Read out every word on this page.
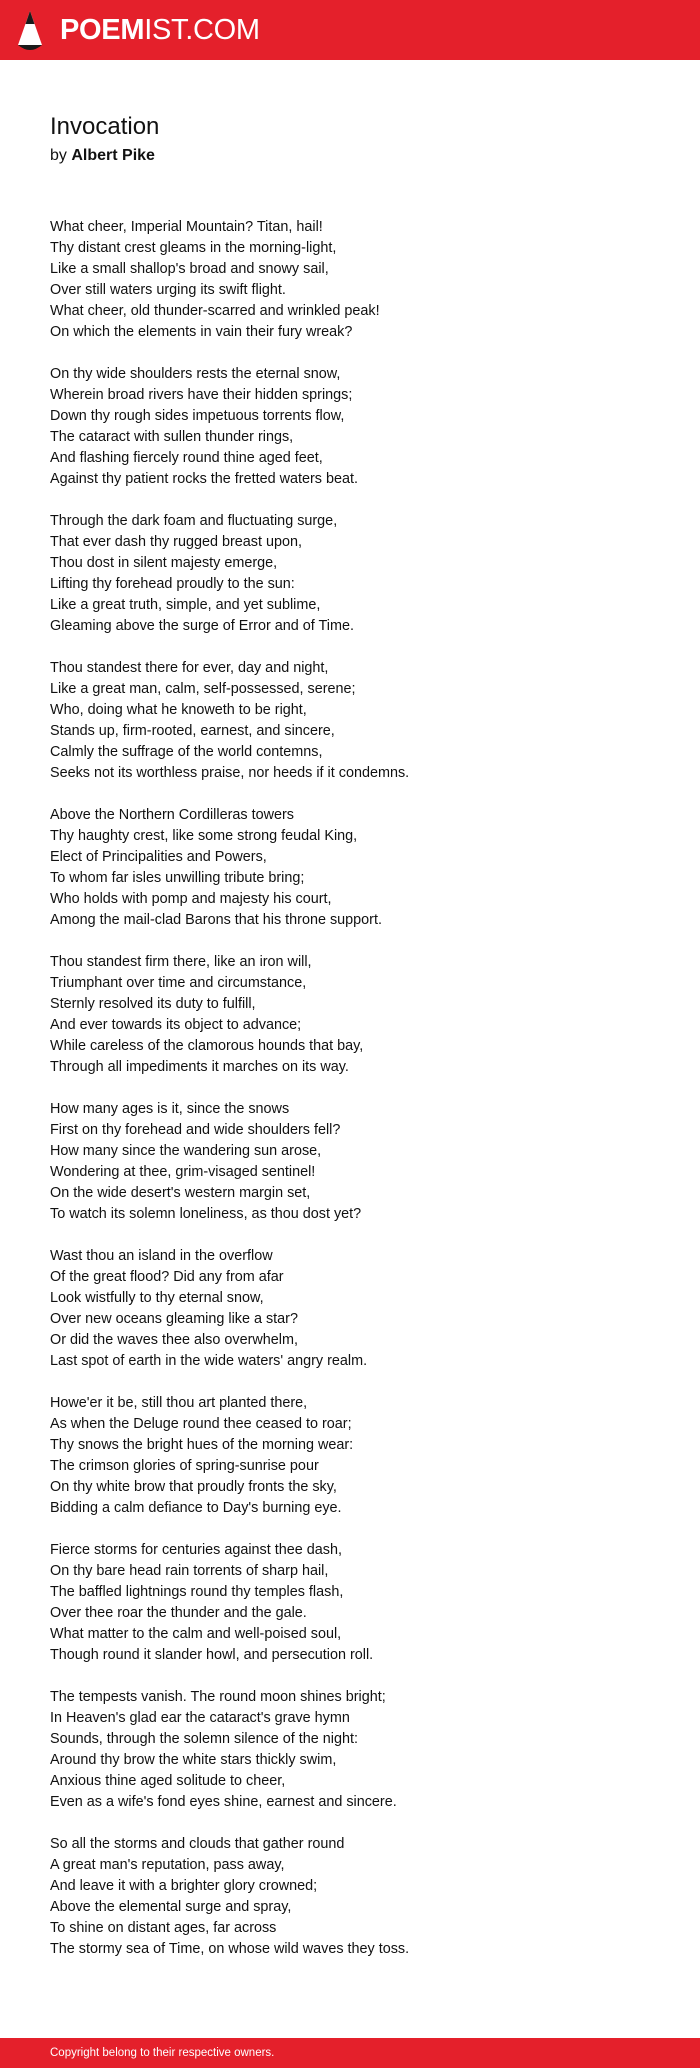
POEMIST.COM
Invocation
by Albert Pike
What cheer, Imperial Mountain? Titan, hail!
Thy distant crest gleams in the morning-light,
Like a small shallop's broad and snowy sail,
Over still waters urging its swift flight.
What cheer, old thunder-scarred and wrinkled peak!
On which the elements in vain their fury wreak?
On thy wide shoulders rests the eternal snow,
Wherein broad rivers have their hidden springs;
Down thy rough sides impetuous torrents flow,
The cataract with sullen thunder rings,
And flashing fiercely round thine aged feet,
Against thy patient rocks the fretted waters beat.
Through the dark foam and fluctuating surge,
That ever dash thy rugged breast upon,
Thou dost in silent majesty emerge,
Lifting thy forehead proudly to the sun:
Like a great truth, simple, and yet sublime,
Gleaming above the surge of Error and of Time.
Thou standest there for ever, day and night,
Like a great man, calm, self-possessed, serene;
Who, doing what he knoweth to be right,
Stands up, firm-rooted, earnest, and sincere,
Calmly the suffrage of the world contemns,
Seeks not its worthless praise, nor heeds if it condemns.
Above the Northern Cordilleras towers
Thy haughty crest, like some strong feudal King,
Elect of Principalities and Powers,
To whom far isles unwilling tribute bring;
Who holds with pomp and majesty his court,
Among the mail-clad Barons that his throne support.
Thou standest firm there, like an iron will,
Triumphant over time and circumstance,
Sternly resolved its duty to fulfill,
And ever towards its object to advance;
While careless of the clamorous hounds that bay,
Through all impediments it marches on its way.
How many ages is it, since the snows
First on thy forehead and wide shoulders fell?
How many since the wandering sun arose,
Wondering at thee, grim-visaged sentinel!
On the wide desert's western margin set,
To watch its solemn loneliness, as thou dost yet?
Wast thou an island in the overflow
Of the great flood? Did any from afar
Look wistfully to thy eternal snow,
Over new oceans gleaming like a star?
Or did the waves thee also overwhelm,
Last spot of earth in the wide waters' angry realm.
Howe'er it be, still thou art planted there,
As when the Deluge round thee ceased to roar;
Thy snows the bright hues of the morning wear:
The crimson glories of spring-sunrise pour
On thy white brow that proudly fronts the sky,
Bidding a calm defiance to Day's burning eye.
Fierce storms for centuries against thee dash,
On thy bare head rain torrents of sharp hail,
The baffled lightnings round thy temples flash,
Over thee roar the thunder and the gale.
What matter to the calm and well-poised soul,
Though round it slander howl, and persecution roll.
The tempests vanish. The round moon shines bright;
In Heaven's glad ear the cataract's grave hymn
Sounds, through the solemn silence of the night:
Around thy brow the white stars thickly swim,
Anxious thine aged solitude to cheer,
Even as a wife's fond eyes shine, earnest and sincere.
So all the storms and clouds that gather round
A great man's reputation, pass away,
And leave it with a brighter glory crowned;
Above the elemental surge and spray,
To shine on distant ages, far across
The stormy sea of Time, on whose wild waves they toss.
Copyright belong to their respective owners.
